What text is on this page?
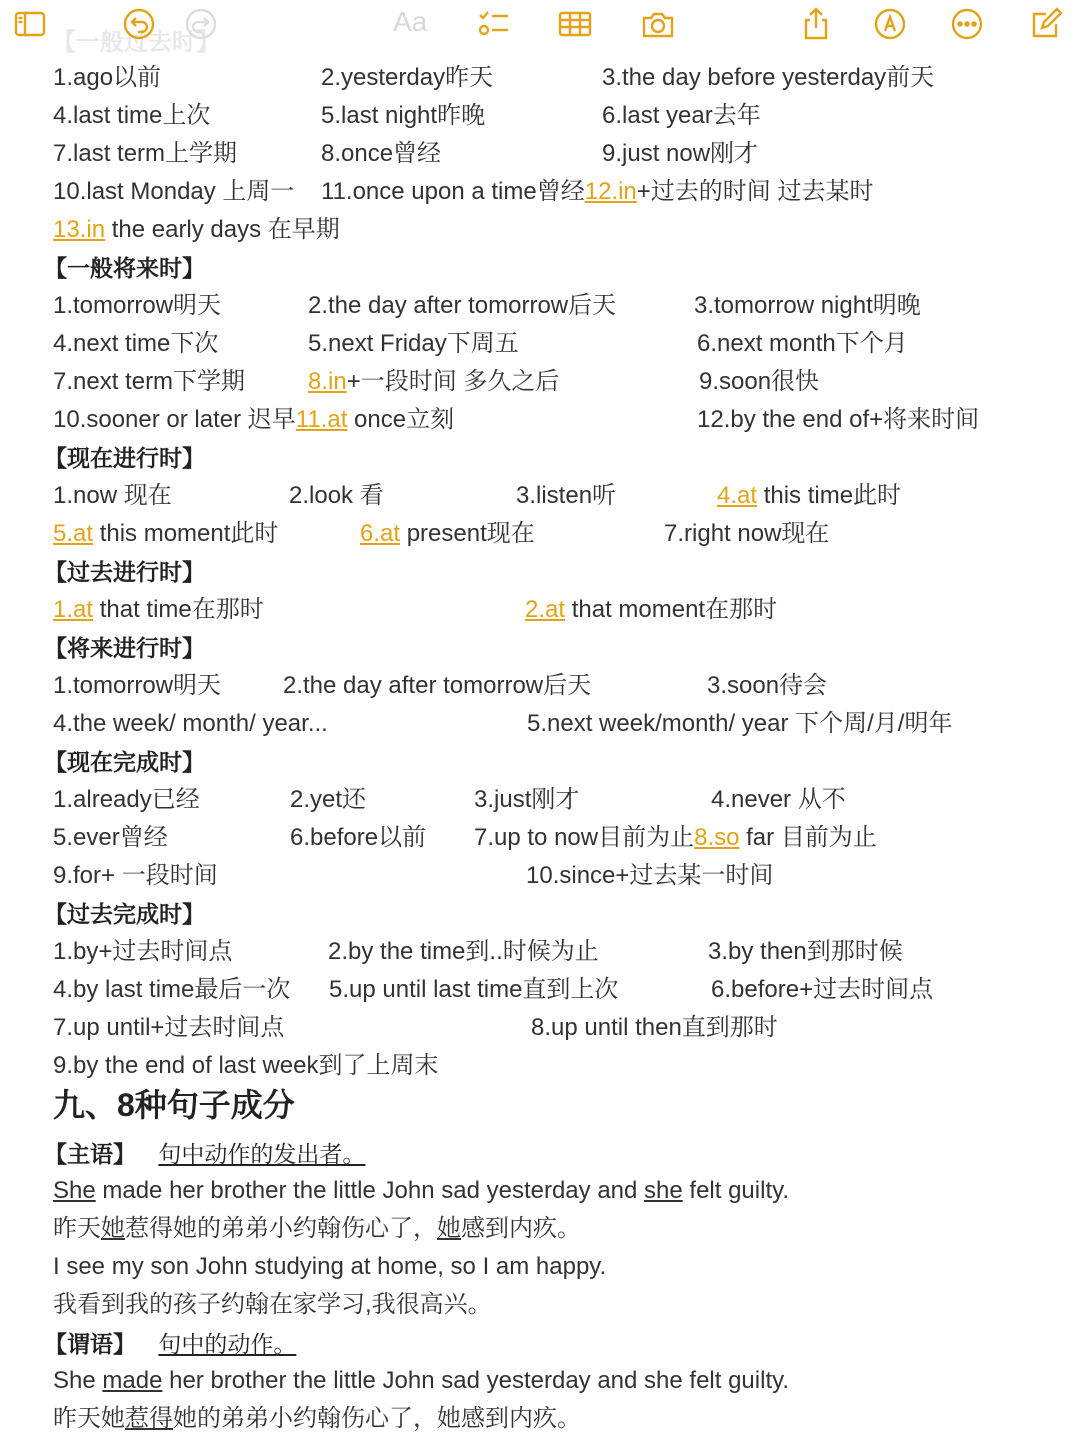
【一般过去时】
Aa
1.ago以前	2.yesterday昨天	3.the day before yesterday前天
4.last time上次	5.last night昨晚	6.last year去年
7.last term上学期	8.once曾经	9.just now刚才
10.last Monday 上周一 11.once upon a time曾经12.in+过去的时间 过去某时
13.in the early days 在早期
【一般将来时】
1.tomorrow明天	2.the day after tomorrow后天	3.tomorrow night明晚
4.next time下次	5.next Friday下周五	6.next month下个月
7.next term下学期	8.in+一段时间 多久之后	9.soon很快
10.sooner or later 迟早11.at once立刻	12.by the end of+将来时间
【现在进行时】
1.now 现在	2.look 看	3.listen听	4.at this time此时
5.at this moment此时	6.at present现在	7.right now现在
【过去进行时】
1.at that time在那时	2.at that moment在那时
【将来进行时】
1.tomorrow明天	2.the day after tomorrow后天	3.soon待会
4.the week/ month/ year...	5.next week/month/ year 下个周/月/明年
【现在完成时】
1.already已经	2.yet还	3.just刚才	4.never 从不
5.ever曾经	6.before以前 7.up to now目前为止8.so far 目前为止
9.for+ 一段时间	10.since+过去某一时间
【过去完成时】
1.by+过去时间点	2.by the time到..时候为止	3.by then到那时候
4.by last time最后一次 5.up until last time直到上次	6.before+过去时间点
7.up until+过去时间点	8.up until then直到那时
9.by the end of last week到了上周末
九、8种句子成分
【主语】 句中动作的发出者。
She made her brother the little John sad yesterday and she felt guilty.
昨天她惹得她的弟弟小约翰伤心了，她感到内疚。
I see my son John studying at home, so I am happy.
我看到我的孩子约翰在家学习,我很高兴。
【谓语】 句中的动作。
She made her brother the little John sad yesterday and she felt guilty.
昨天她惹得她的弟弟小约翰伤心了，她感到内疚。
